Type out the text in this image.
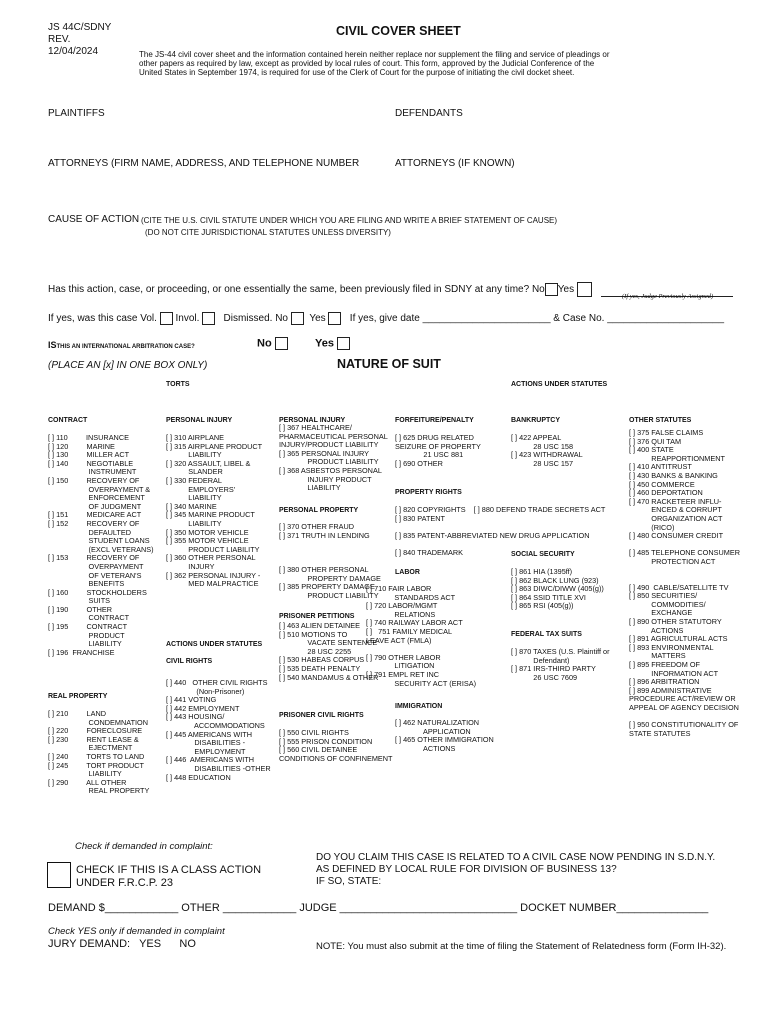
JS 44C/SDNY
REV.
12/04/2024
CIVIL COVER SHEET
The JS-44 civil cover sheet and the information contained herein neither replace nor supplement the filing and service of pleadings or
other papers as required by law, except as provided by local rules of court. This form, approved by the Judicial Conference of the
United States in September 1974, is required for use of the Clerk of Court for the purpose of initiating the civil docket sheet.
PLAINTIFFS	DEFENDANTS
ATTORNEYS (FIRM NAME, ADDRESS, AND TELEPHONE NUMBER	ATTORNEYS (IF KNOWN)
CAUSE OF ACTION (CITE THE U.S. CIVIL STATUTE UNDER WHICH YOU ARE FILING AND WRITE A BRIEF STATEMENT OF CAUSE)
(DO NOT CITE JURISDICTIONAL STATUTES UNLESS DIVERSITY)
Has this action, case, or proceeding, or one essentially the same, been previously filed in SDNY at any time? No Yes
(If yes, Judge Previously Assigned)
If yes, was this case Vol. Invol. Dismissed. No Yes If yes, give date _______________________ & Case No. _____________________
ISTHIS AN INTERNATIONAL ARBITRATION CASE?	No	Yes
(PLACE AN [x] IN ONE BOX ONLY)	NATURE OF SUIT
TORTS	ACTIONS UNDER STATUTES
CONTRACT
[ ] 110         INSURANCE
[ ] 120         MARINE
[ ] 130         MILLER ACT
[ ] 140         NEGOTIABLE
INSTRUMENT
[ ] 150         RECOVERY OF
OVERPAYMENT &
ENFORCEMENT
OF JUDGMENT
[ ] 151         MEDICARE ACT
[ ] 152         RECOVERY OF
DEFAULTED
STUDENT LOANS
(EXCL VETERANS)
[ ] 153         RECOVERY OF
OVERPAYMENT
OF VETERAN'S
BENEFITS
[ ] 160         STOCKHOLDERS
SUITS
[ ] 190         OTHER
CONTRACT
[ ] 195         CONTRACT
PRODUCT
LIABILITY
[ ] 196  FRANCHISE
REAL PROPERTY
[ ] 210         LAND
CONDEMNATION
[ ] 220         FORECLOSURE
[ ] 230         RENT LEASE &
EJECTMENT
[ ] 240         TORTS TO LAND
[ ] 245         TORT PRODUCT
LIABILITY
[ ] 290         ALL OTHER
REAL PROPERTY
PERSONAL INJURY
[ ] 310 AIRPLANE
[ ] 315 AIRPLANE PRODUCT
LIABILITY
[ ] 320 ASSAULT, LIBEL &
SLANDER
[ ] 330 FEDERAL
EMPLOYERS'
LIABILITY
[ ] 340 MARINE
[ ] 345 MARINE PRODUCT
LIABILITY
[ ] 350 MOTOR VEHICLE
[ ] 355 MOTOR VEHICLE
PRODUCT LIABILITY
[ ] 360 OTHER PERSONAL
INJURY
[ ] 362 PERSONAL INJURY -
MED MALPRACTICE
ACTIONS UNDER STATUTES
CIVIL RIGHTS
[ ] 440   OTHER CIVIL RIGHTS
(Non-Prisoner)
[ ] 441 VOTING
[ ] 442 EMPLOYMENT
[ ] 443 HOUSING/
ACCOMMODATIONS
[ ] 445 AMERICANS WITH
DISABILITIES -
EMPLOYMENT
[ ] 446  AMERICANS WITH
DISABILITIES -OTHER
[ ] 448 EDUCATION
PERSONAL INJURY
[ ] 367 HEALTHCARE/
PHARMACEUTICAL PERSONAL
INJURY/PRODUCT LIABILITY
[ ] 365 PERSONAL INJURY
PRODUCT LIABILITY
[ ] 368 ASBESTOS PERSONAL
INJURY PRODUCT
LIABILITY
PERSONAL PROPERTY
[ ] 370 OTHER FRAUD
[ ] 371 TRUTH IN LENDING

[ ] 380 OTHER PERSONAL
PROPERTY DAMAGE
[ ] 385 PROPERTY DAMAGE
PRODUCT LIABILITY
PRISONER PETITIONS
[ ] 463 ALIEN DETAINEE
[ ] 510 MOTIONS TO
VACATE SENTENCE
28 USC 2255
[ ] 530 HABEAS CORPUS
[ ] 535 DEATH PENALTY
[ ] 540 MANDAMUS & OTHER
PRISONER CIVIL RIGHTS
[ ] 550 CIVIL RIGHTS
[ ] 555 PRISON CONDITION
[ ] 560 CIVIL DETAINEE
CONDITIONS OF CONFINEMENT
FORFEITURE/PENALTY
[ ] 625 DRUG RELATED
SEIZURE OF PROPERTY
21 USC 881
[ ] 690 OTHER
PROPERTY RIGHTS
[ ] 820 COPYRIGHTS    [ ] 880 DEFEND TRADE SECRETS ACT
[ ] 830 PATENT

[ ] 835 PATENT-ABBREVIATED NEW DRUG APPLICATION

[ ] 840 TRADEMARK
LABOR
[ ] 710 FAIR LABOR
STANDARDS ACT
[ ] 720 LABOR/MGMT
RELATIONS
[ ] 740 RAILWAY LABOR ACT
[ ]   751 FAMILY MEDICAL
LEAVE ACT (FMLA)

[ ] 790 OTHER LABOR
LITIGATION
[ ] 791 EMPL RET INC
SECURITY ACT (ERISA)
IMMIGRATION
[ ] 462 NATURALIZATION
APPLICATION
[ ] 465 OTHER IMMIGRATION
ACTIONS
BANKRUPTCY
[ ] 422 APPEAL
28 USC 158
[ ] 423 WITHDRAWAL
28 USC 157
SOCIAL SECURITY
[ ] 861 HIA (1395ff)
[ ] 862 BLACK LUNG (923)
[ ] 863 DIWC/DIWW (405(g))
[ ] 864 SSID TITLE XVI
[ ] 865 RSI (405(g))
FEDERAL TAX SUITS
[ ] 870 TAXES (U.S. Plaintiff or
Defendant)
[ ] 871 IRS-THIRD PARTY
26 USC 7609
OTHER STATUTES
[ ] 375 FALSE CLAIMS
[ ] 376 QUI TAM
[ ] 400 STATE
REAPPORTIONMENT
[ ] 410 ANTITRUST
[ ] 430 BANKS & BANKING
[ ] 450 COMMERCE
[ ] 460 DEPORTATION
[ ] 470 RACKETEER INFLU-
ENCED & CORRUPT
ORGANIZATION ACT
(RICO)
[ ] 480 CONSUMER CREDIT

[ ] 485 TELEPHONE CONSUMER
PROTECTION ACT

[ ] 490  CABLE/SATELLITE TV
[ ] 850 SECURITIES/
COMMODITIES/
EXCHANGE
[ ] 890 OTHER STATUTORY
ACTIONS
[ ] 891 AGRICULTURAL ACTS
[ ] 893 ENVIRONMENTAL
MATTERS
[ ] 895 FREEDOM OF
INFORMATION ACT
[ ] 896 ARBITRATION
[ ] 899 ADMINISTRATIVE
PROCEDURE ACT/REVIEW OR
APPEAL OF AGENCY DECISION

[ ] 950 CONSTITUTIONALITY OF
STATE STATUTES
Check if demanded in complaint:
CHECK IF THIS IS A CLASS ACTION
UNDER F.R.C.P. 23
DO YOU CLAIM THIS CASE IS RELATED TO A CIVIL CASE NOW PENDING IN S.D.N.Y.
AS DEFINED BY LOCAL RULE FOR DIVISION OF BUSINESS 13?
IF SO, STATE:
DEMAND $____________ OTHER ____________ JUDGE _____________________________ DOCKET NUMBER_______________
Check YES only if demanded in complaint
JURY DEMAND:   YES      NO	NOTE: You must also submit at the time of filing the Statement of Relatedness form (Form IH-32).
